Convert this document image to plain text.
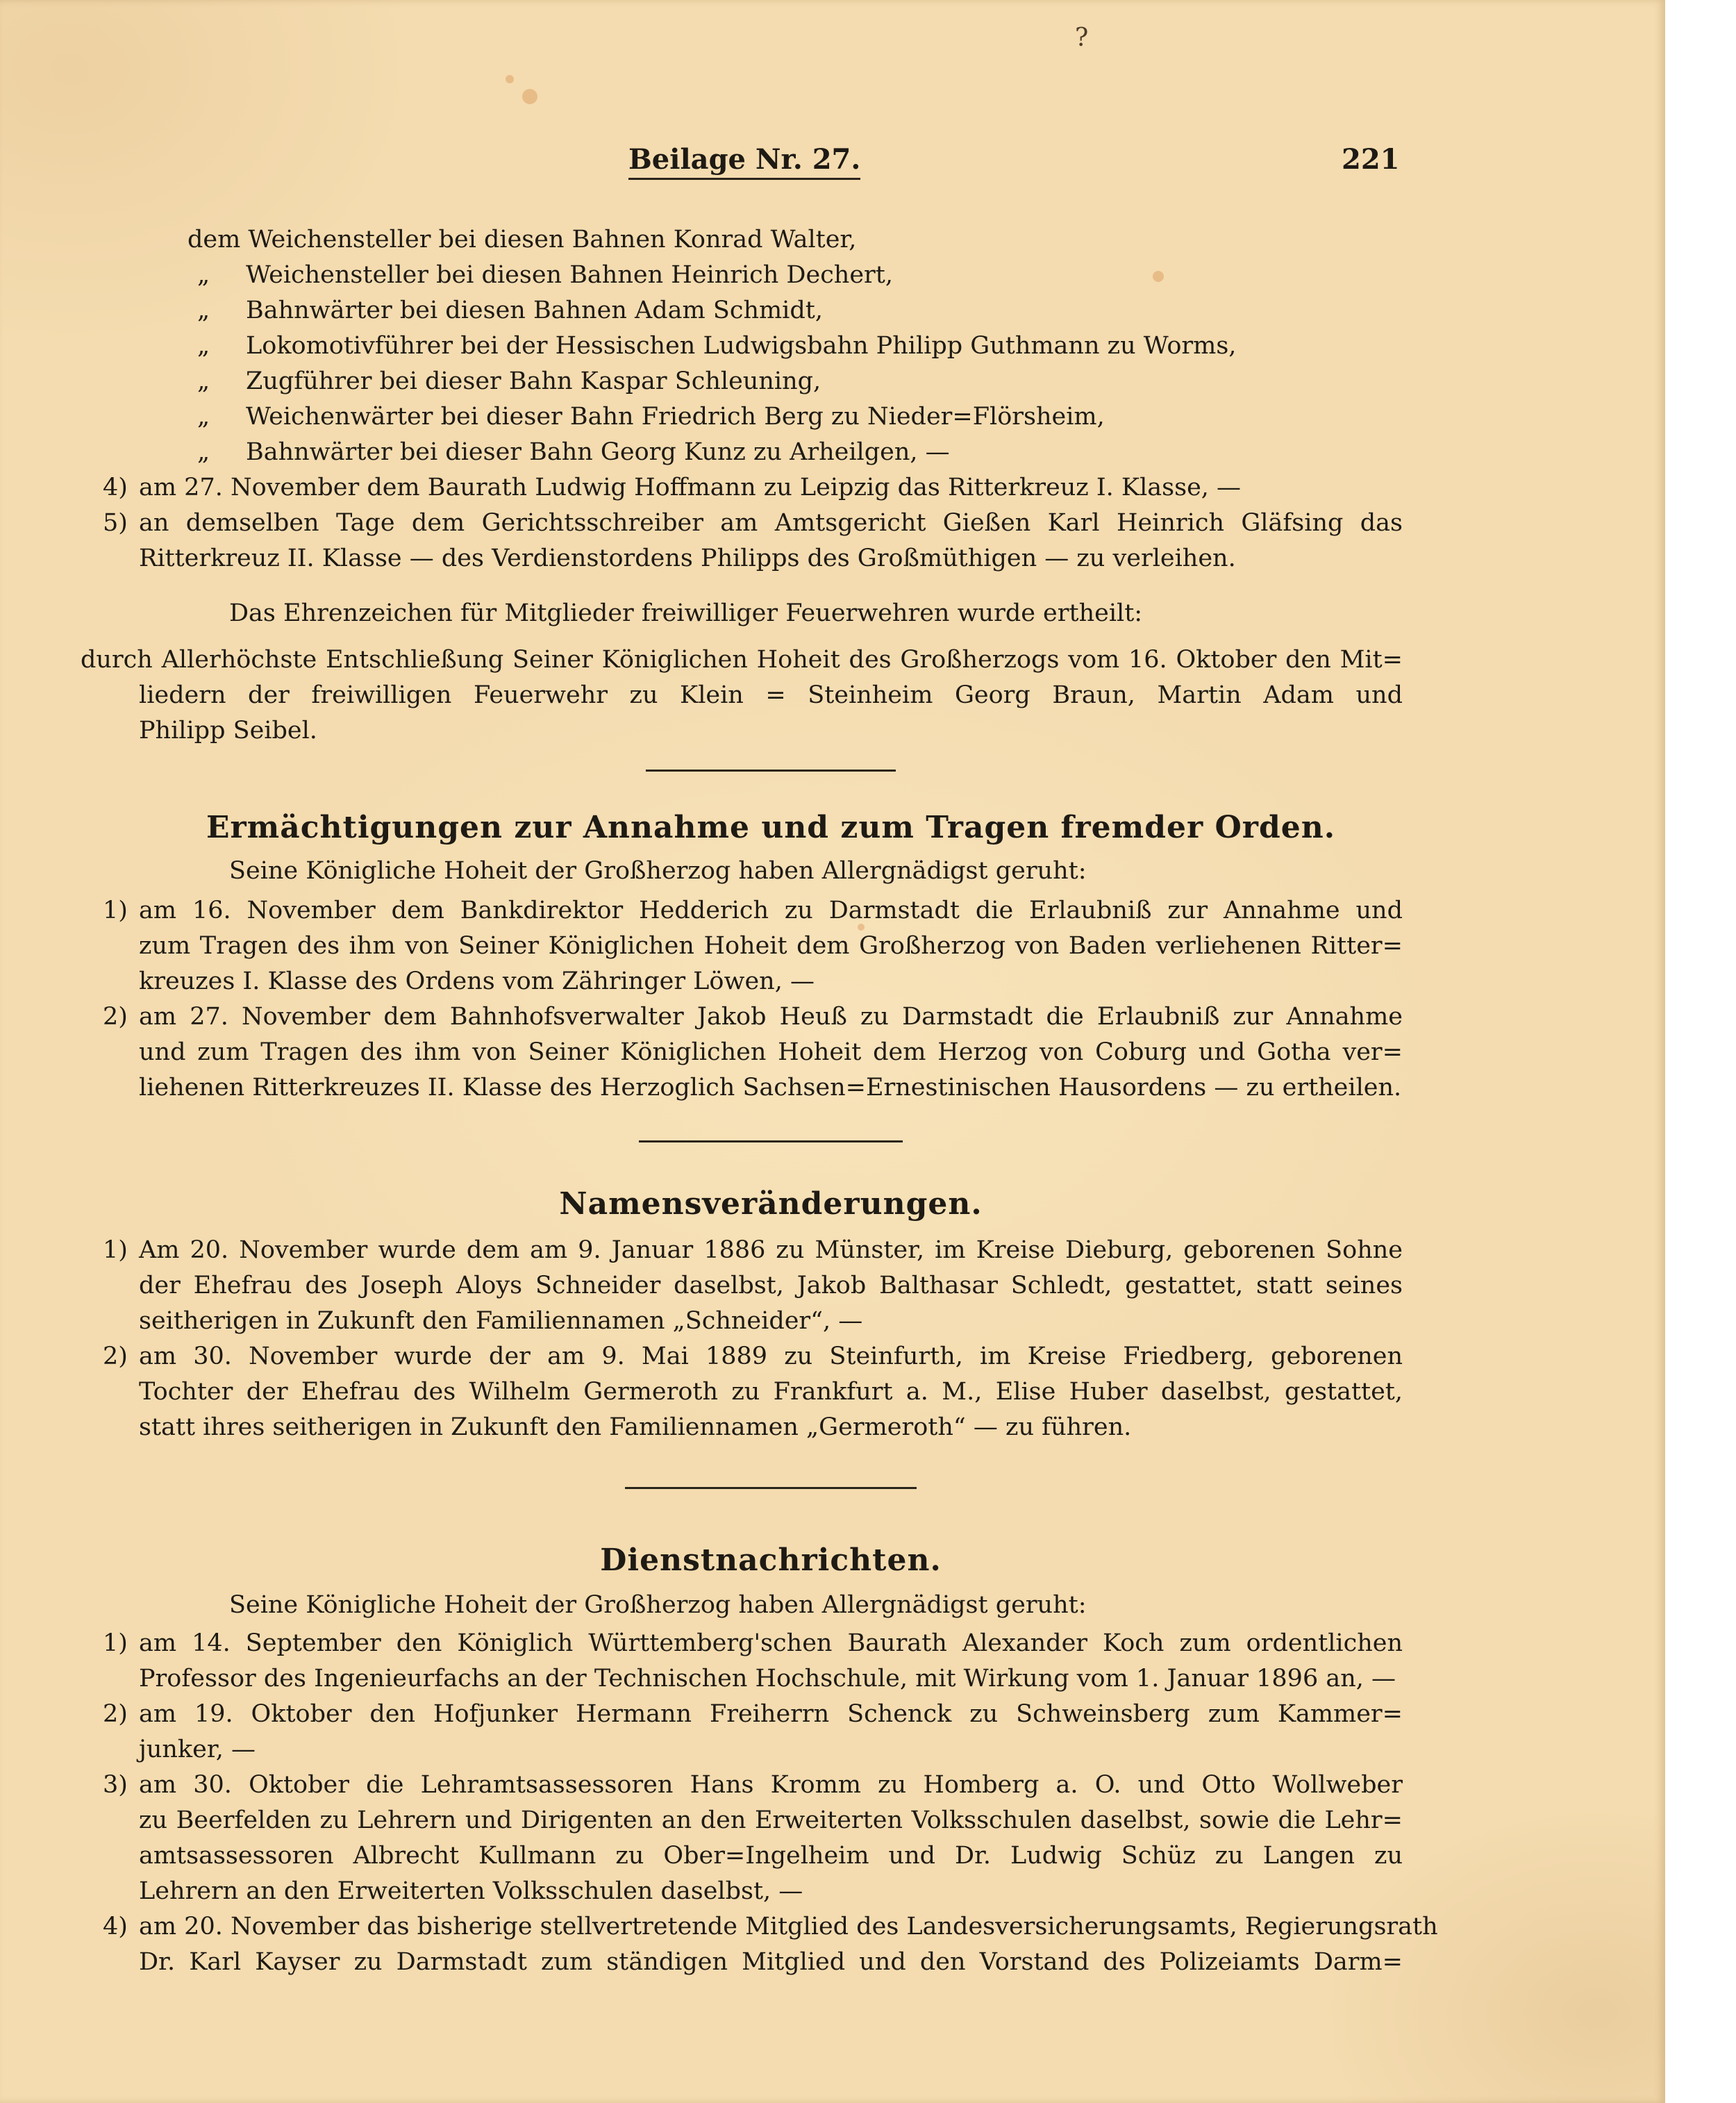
?
Beilage Nr. 27.	221
dem Weichensteller bei diesen Bahnen Konrad Walter,
„ Weichensteller bei diesen Bahnen Heinrich Dechert,
„ Bahnwärter bei diesen Bahnen Adam Schmidt,
„ Lokomotivführer bei der Hessischen Ludwigsbahn Philipp Guthmann zu Worms,
„ Zugführer bei dieser Bahn Kaspar Schleuning,
„ Weichenwärter bei dieser Bahn Friedrich Berg zu Nieder=Flörsheim,
„ Bahnwärter bei dieser Bahn Georg Kunz zu Arheilgen, —
4) am 27. November dem Baurath Ludwig Hoffmann zu Leipzig das Ritterkreuz I. Klasse, —
5) an demselben Tage dem Gerichtsschreiber am Amtsgericht Gießen Karl Heinrich Gläfsing das
Ritterkreuz II. Klasse — des Verdienstordens Philipps des Großmüthigen — zu verleihen.
Das Ehrenzeichen für Mitglieder freiwilliger Feuerwehren wurde ertheilt:
durch Allerhöchste Entschließung Seiner Königlichen Hoheit des Großherzogs vom 16. Oktober den Mit=
liedern der freiwilligen Feuerwehr zu Klein = Steinheim Georg Braun, Martin Adam und
Philipp Seibel.
Ermächtigungen zur Annahme und zum Tragen fremder Orden.
Seine Königliche Hoheit der Großherzog haben Allergnädigst geruht:
1) am 16. November dem Bankdirektor Hedderich zu Darmstadt die Erlaubniß zur Annahme und
zum Tragen des ihm von Seiner Königlichen Hoheit dem Großherzog von Baden verliehenen Ritter=
kreuzes I. Klasse des Ordens vom Zähringer Löwen, —
2) am 27. November dem Bahnhofsverwalter Jakob Heuß zu Darmstadt die Erlaubniß zur Annahme
und zum Tragen des ihm von Seiner Königlichen Hoheit dem Herzog von Coburg und Gotha ver=
liehenen Ritterkreuzes II. Klasse des Herzoglich Sachsen=Ernestinischen Hausordens — zu ertheilen.
Namensveränderungen.
1) Am 20. November wurde dem am 9. Januar 1886 zu Münster, im Kreise Dieburg, geborenen Sohne
der Ehefrau des Joseph Aloys Schneider daselbst, Jakob Balthasar Schledt, gestattet, statt seines
seitherigen in Zukunft den Familiennamen „Schneider“, —
2) am 30. November wurde der am 9. Mai 1889 zu Steinfurth, im Kreise Friedberg, geborenen
Tochter der Ehefrau des Wilhelm Germeroth zu Frankfurt a. M., Elise Huber daselbst, gestattet,
statt ihres seitherigen in Zukunft den Familiennamen „Germeroth“ — zu führen.
Dienstnachrichten.
Seine Königliche Hoheit der Großherzog haben Allergnädigst geruht:
1) am 14. September den Königlich Württemberg'schen Baurath Alexander Koch zum ordentlichen
Professor des Ingenieurfachs an der Technischen Hochschule, mit Wirkung vom 1. Januar 1896 an, —
2) am 19. Oktober den Hofjunker Hermann Freiherrn Schenck zu Schweinsberg zum Kammer=
junker, —
3) am 30. Oktober die Lehramtsassessoren Hans Kromm zu Homberg a. O. und Otto Wollweber
zu Beerfelden zu Lehrern und Dirigenten an den Erweiterten Volksschulen daselbst, sowie die Lehr=
amtsassessoren Albrecht Kullmann zu Ober=Ingelheim und Dr. Ludwig Schüz zu Langen zu
Lehrern an den Erweiterten Volksschulen daselbst, —
4) am 20. November das bisherige stellvertretende Mitglied des Landesversicherungsamts, Regierungsrath
Dr. Karl Kayser zu Darmstadt zum ständigen Mitglied und den Vorstand des Polizeiamts Darm=
